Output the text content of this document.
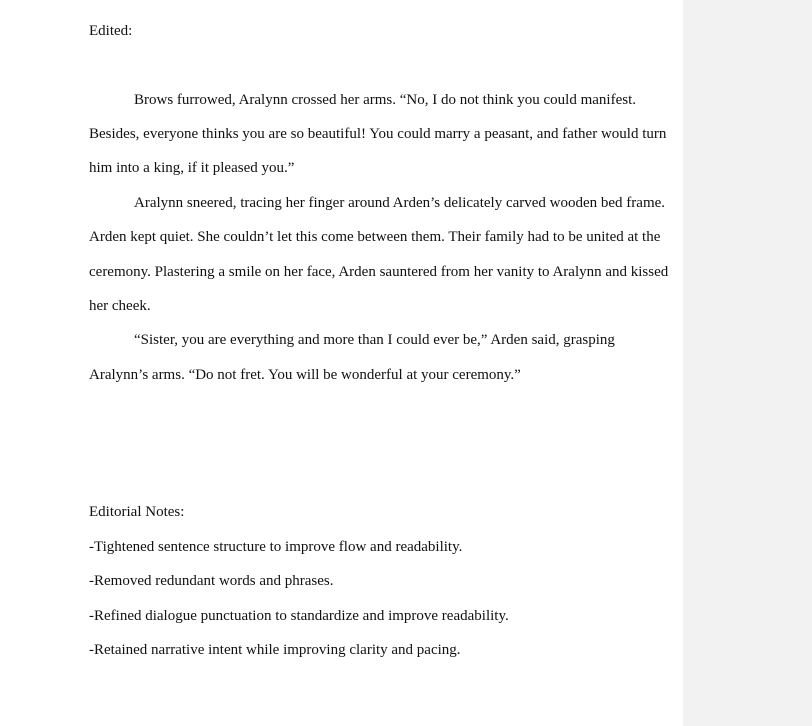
Edited:
Brows furrowed, Aralynn crossed her arms. “No, I do not think you could manifest.
Besides, everyone thinks you are so beautiful! You could marry a peasant, and father would turn
him into a king, if it pleased you.”
Aralynn sneered, tracing her finger around Arden’s delicately carved wooden bed frame.
Arden kept quiet. She couldn’t let this come between them. Their family had to be united at the
ceremony. Plastering a smile on her face, Arden sauntered from her vanity to Aralynn and kissed
her cheek.
“Sister, you are everything and more than I could ever be,” Arden said, grasping
Aralynn’s arms. “Do not fret. You will be wonderful at your ceremony.”
Editorial Notes:
-Tightened sentence structure to improve flow and readability.
-Removed redundant words and phrases.
-Refined dialogue punctuation to standardize and improve readability.
-Retained narrative intent while improving clarity and pacing.
